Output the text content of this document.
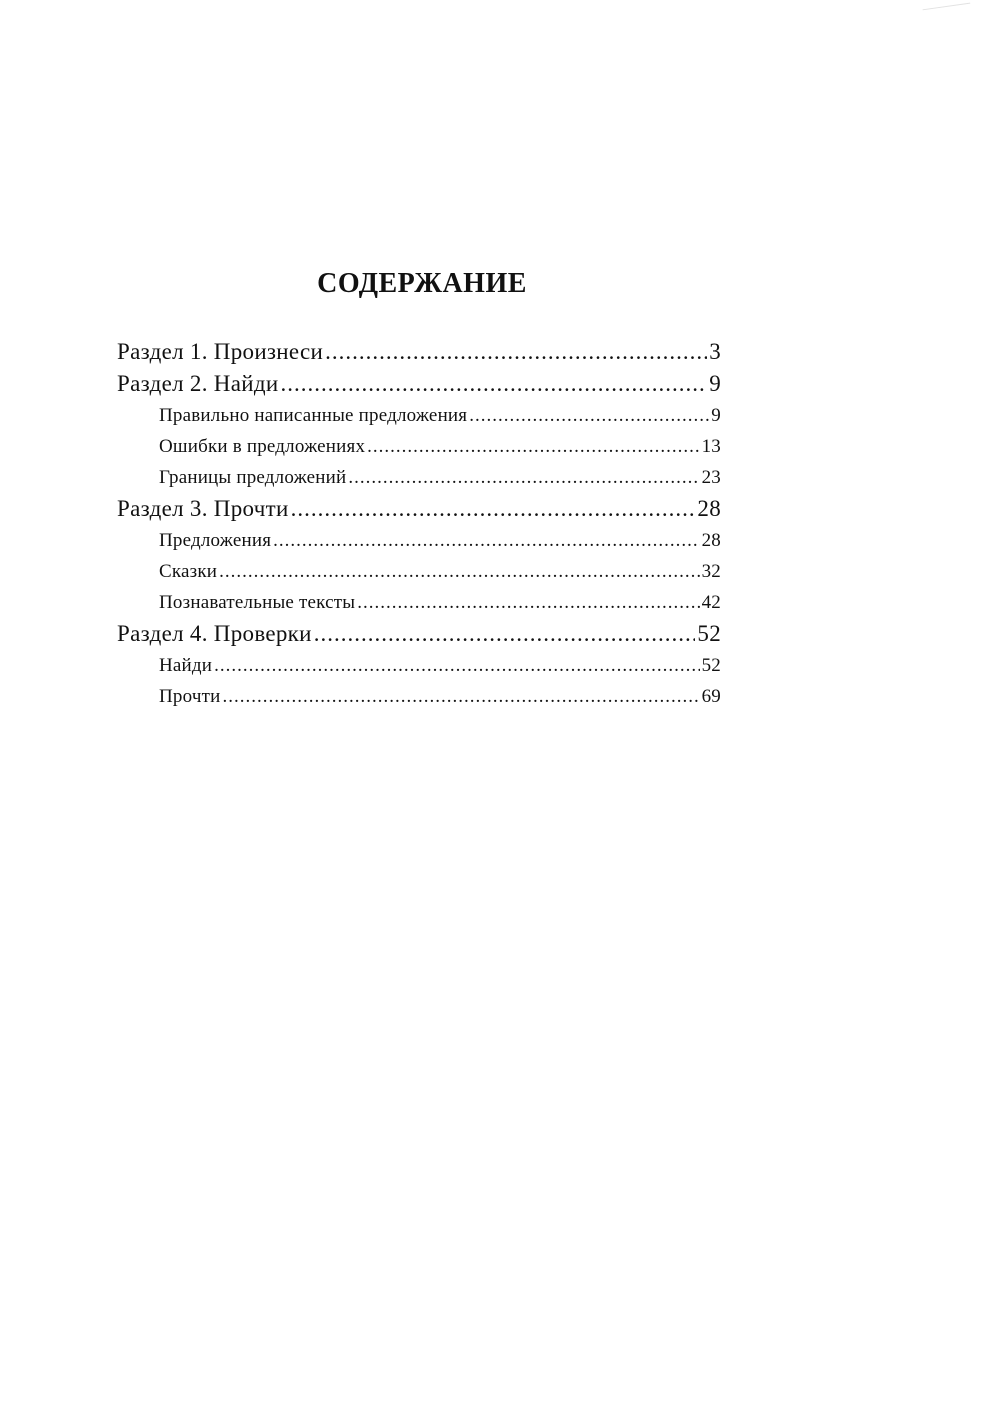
СОДЕРЖАНИЕ
Раздел 1. Произнеси .....	3
Раздел 2. Найди .....	9
Правильно написанные предложения .....	9
Ошибки в предложениях .....	13
Границы предложений .....	23
Раздел 3. Прочти .....	28
Предложения .....	28
Сказки .....	32
Познавательные тексты .....	42
Раздел 4. Проверки .....	52
Найди .....	52
Прочти .....	69
